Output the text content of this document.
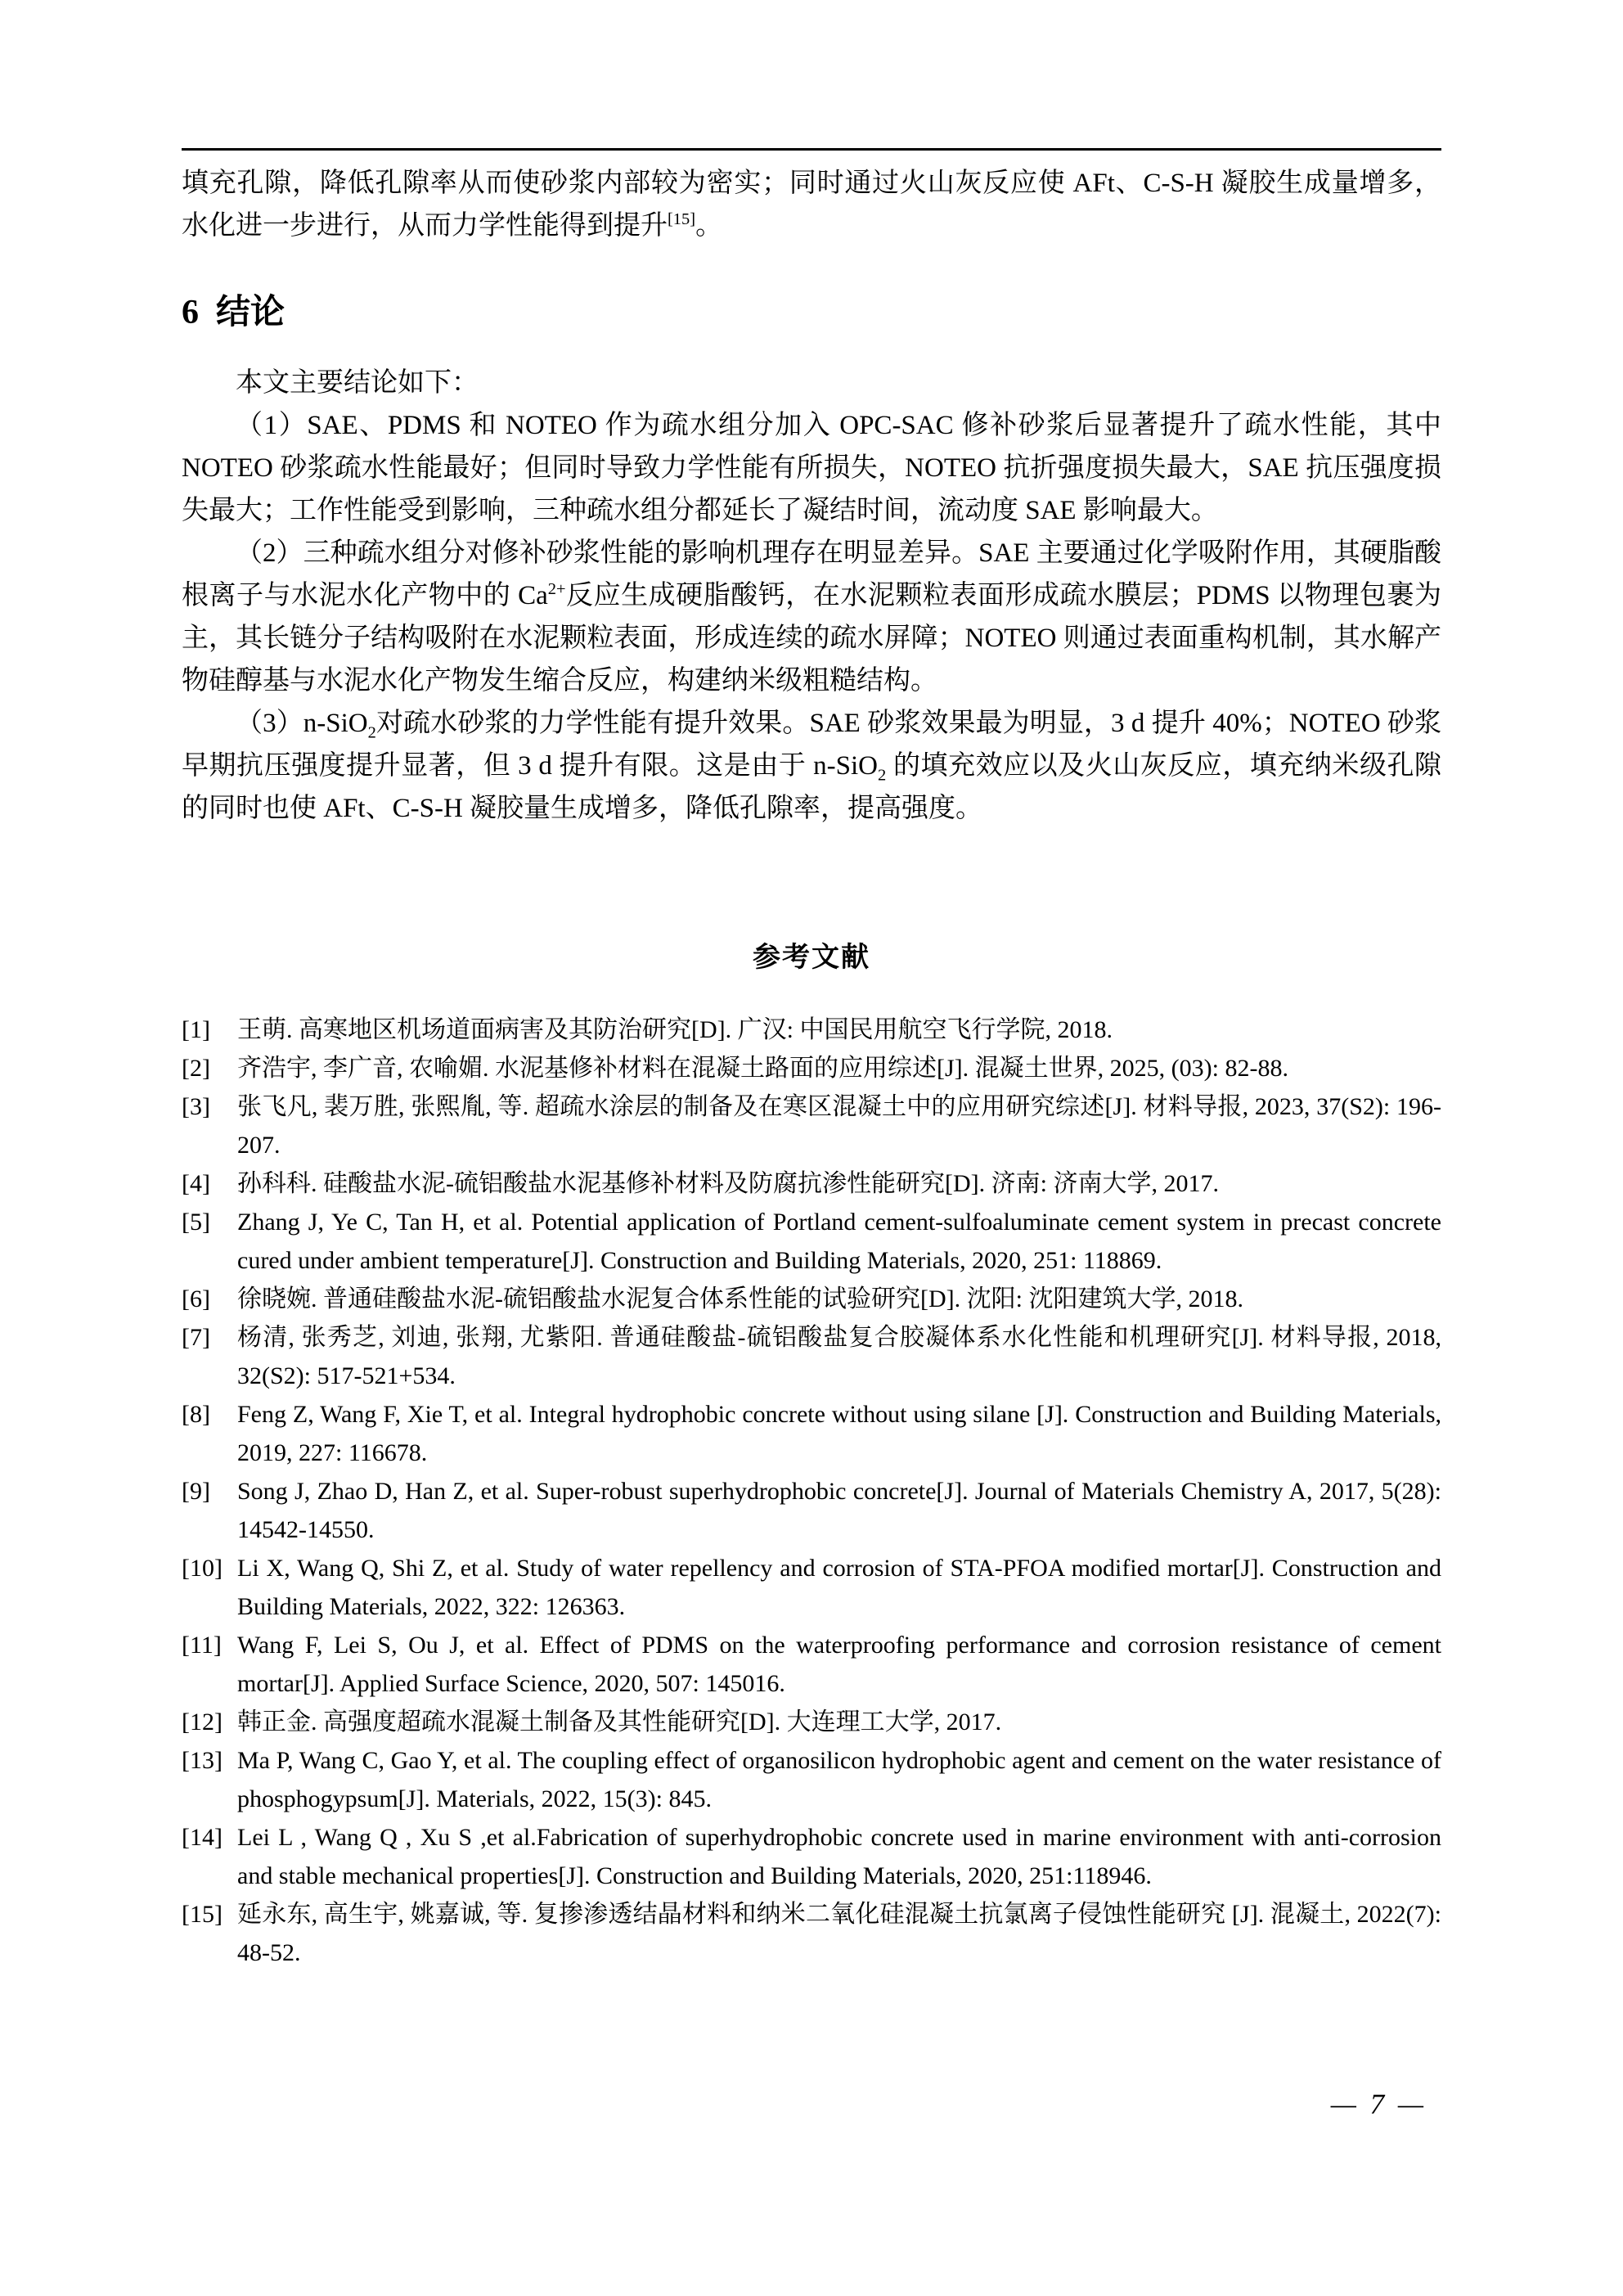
填充孔隙，降低孔隙率从而使砂浆内部较为密实；同时通过火山灰反应使 AFt、C-S-H 凝胶生成量增多，水化进一步进行，从而力学性能得到提升[15]。

6  结论

本文主要结论如下：

（1）SAE、PDMS 和 NOTEO 作为疏水组分加入 OPC-SAC 修补砂浆后显著提升了疏水性能，其中 NOTEO 砂浆疏水性能最好；但同时导致力学性能有所损失，NOTEO 抗折强度损失最大，SAE 抗压强度损失最大；工作性能受到影响，三种疏水组分都延长了凝结时间，流动度 SAE 影响最大。

（2）三种疏水组分对修补砂浆性能的影响机理存在明显差异。SAE 主要通过化学吸附作用，其硬脂酸根离子与水泥水化产物中的 $Ca^{2+}$反应生成硬脂酸钙，在水泥颗粒表面形成疏水膜层；PDMS 以物理包裹为主，其长链分子结构吸附在水泥颗粒表面，形成连续的疏水屏障；NOTEO 则通过表面重构机制，其水解产物硅醇基与水泥水化产物发生缩合反应，构建纳米级粗糙结构。

（3）n-SiO$_2$对疏水砂浆的力学性能有提升效果。SAE 砂浆效果最为明显，3 d 提升 40%；NOTEO 砂浆早期抗压强度提升显著，但 3 d 提升有限。这是由于 n-SiO$_2$ 的填充效应以及火山灰反应，填充纳米级孔隙的同时也使 AFt、C-S-H 凝胶量生成增多，降低孔隙率，提高强度。

参考文献

[1] 王萌. 高寒地区机场道面病害及其防治研究[D]. 广汉: 中国民用航空飞行学院, 2018.

[2] 齐浩宇, 李广音, 农喻媚. 水泥基修补材料在混凝土路面的应用综述[J]. 混凝土世界, 2025, (03): 82-88.

[3] 张飞凡, 裴万胜, 张熙胤, 等. 超疏水涂层的制备及在寒区混凝土中的应用研究综述[J]. 材料导报, 2023, 37(S2): 196-207.

[4] 孙科科. 硅酸盐水泥-硫铝酸盐水泥基修补材料及防腐抗渗性能研究[D]. 济南: 济南大学, 2017.

[5] Zhang J, Ye C, Tan H, et al. Potential application of Portland cement-sulfoaluminate cement system in precast concrete cured under ambient temperature[J]. Construction and Building Materials, 2020, 251: 118869.

[6] 徐晓婉. 普通硅酸盐水泥-硫铝酸盐水泥复合体系性能的试验研究[D]. 沈阳: 沈阳建筑大学, 2018.

[7] 杨清, 张秀芝, 刘迪, 张翔, 尤紫阳. 普通硅酸盐-硫铝酸盐复合胶凝体系水化性能和机理研究[J]. 材料导报, 2018, 32(S2): 517-521+534.

[8] Feng Z, Wang F, Xie T, et al. Integral hydrophobic concrete without using silane [J]. Construction and Building Materials, 2019, 227: 116678.

[9] Song J, Zhao D, Han Z, et al. Super-robust superhydrophobic concrete[J]. Journal of Materials Chemistry A, 2017, 5(28): 14542-14550.

[10] Li X, Wang Q, Shi Z, et al. Study of water repellency and corrosion of STA-PFOA modified mortar[J]. Construction and Building Materials, 2022, 322: 126363.

[11] Wang F, Lei S, Ou J, et al. Effect of PDMS on the waterproofing performance and corrosion resistance of cement mortar[J]. Applied Surface Science, 2020, 507: 145016.

[12] 韩正金. 高强度超疏水混凝土制备及其性能研究[D]. 大连理工大学, 2017.

[13] Ma P, Wang C, Gao Y, et al. The coupling effect of organosilicon hydrophobic agent and cement on the water resistance of phosphogypsum[J]. Materials, 2022, 15(3): 845.

[14] Lei L , Wang Q , Xu S ,et al.Fabrication of superhydrophobic concrete used in marine environment with anti-corrosion and stable mechanical properties[J]. Construction and Building Materials, 2020, 251:118946.

[15] 延永东, 高生宇, 姚嘉诚, 等. 复掺渗透结晶材料和纳米二氧化硅混凝土抗氯离子侵蚀性能研究 [J]. 混凝土, 2022(7): 48-52.

— 7 —
